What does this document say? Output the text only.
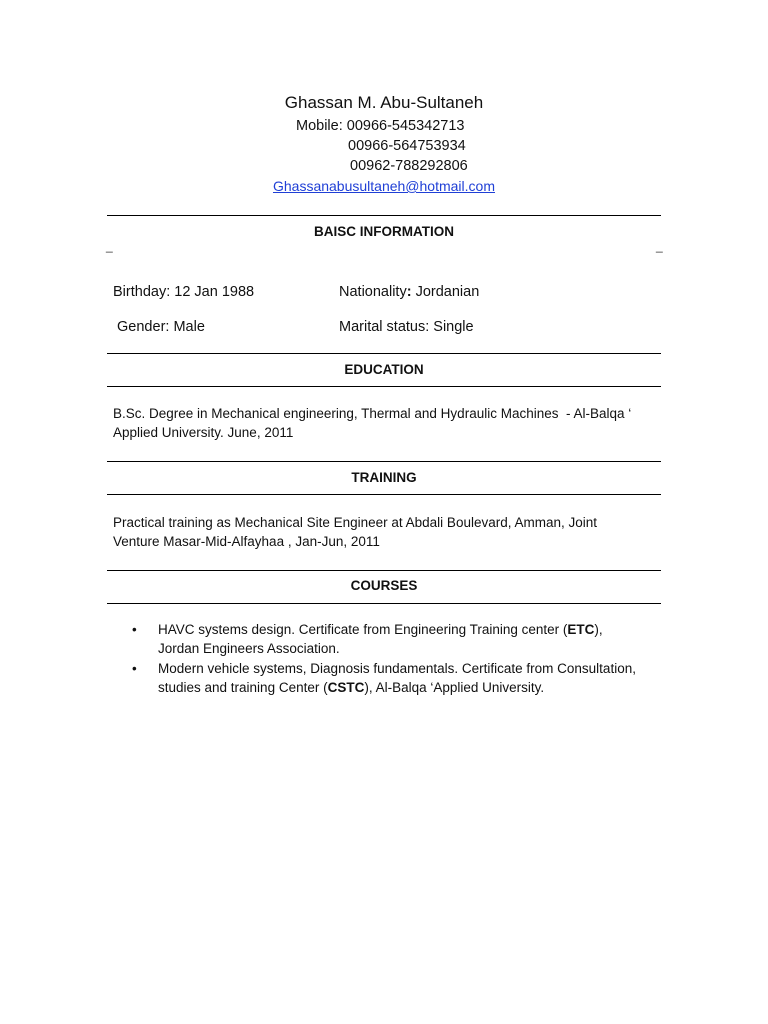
Ghassan M. Abu-Sultaneh
Mobile: 00966-545342713
00966-564753934
00962-788292806
Ghassanabusultaneh@hotmail.com
BAISC INFORMATION
_	_
Birthday: 12 Jan 1988	Nationality: Jordanian
Gender: Male	Marital status: Single
EDUCATION
B.Sc. Degree in Mechanical engineering, Thermal and Hydraulic Machines  - Al-Balqa ‘
Applied University. June, 2011
TRAINING
Practical training as Mechanical Site Engineer at Abdali Boulevard, Amman, Joint
Venture Masar-Mid-Alfayhaa , Jan-Jun, 2011
COURSES
• HAVC systems design. Certificate from Engineering Training center (ETC),
Jordan Engineers Association.
• Modern vehicle systems, Diagnosis fundamentals. Certificate from Consultation,
studies and training Center (CSTC), Al-Balqa ‘Applied University.
